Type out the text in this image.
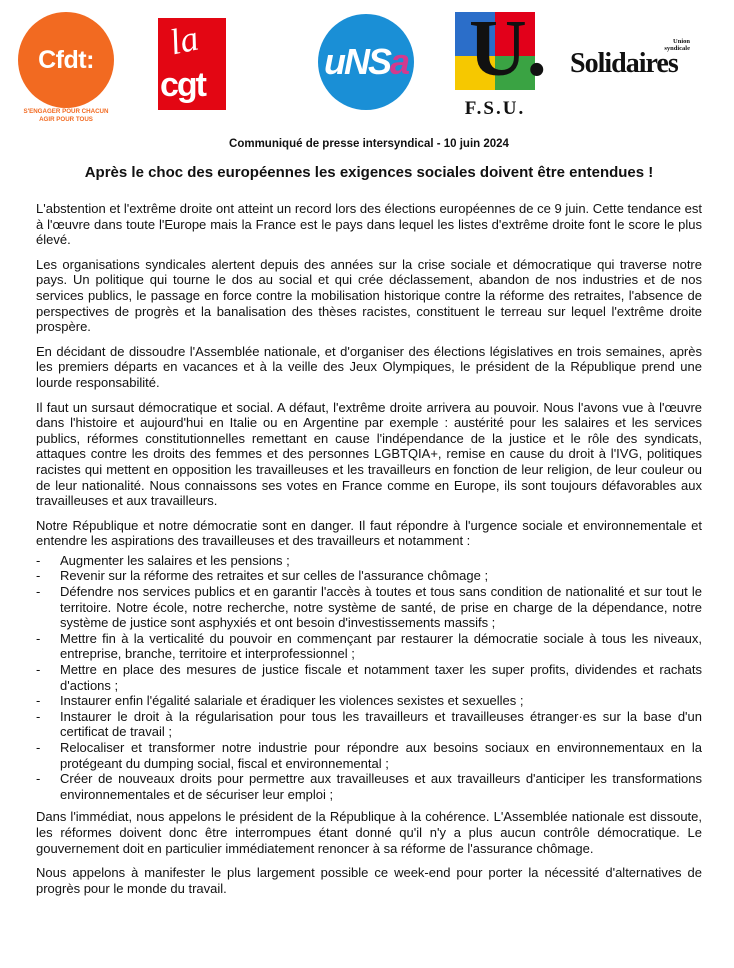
Cfdt:
S'ENGAGER POUR CHACUN
AGIR POUR TOUS
la
cgt
uNSa U.
F.S.U.
Union
syndicale
Solidaires

Communiqué de presse intersyndical - 10 juin 2024

Après le choc des européennes les exigences sociales doivent être entendues !

L'abstention et l'extrême droite ont atteint un record lors des élections européennes de ce 9 juin. Cette tendance est à l'œuvre dans toute l'Europe mais la France est le pays dans lequel les listes d'extrême droite font le score le plus élevé.

Les organisations syndicales alertent depuis des années sur la crise sociale et démocratique qui traverse notre pays. Un politique qui tourne le dos au social et qui crée déclassement, abandon de nos industries et de nos services publics, le passage en force contre la mobilisation historique contre la réforme des retraites, l'absence de perspectives de progrès et la banalisation des thèses racistes, constituent le terreau sur lequel l'extrême droite prospère.

En décidant de dissoudre l'Assemblée nationale, et d'organiser des élections législatives en trois semaines, après les premiers départs en vacances et à la veille des Jeux Olympiques, le président de la République prend une lourde responsabilité.

Il faut un sursaut démocratique et social. A défaut, l'extrême droite arrivera au pouvoir. Nous l'avons vue à l'œuvre dans l'histoire et aujourd'hui en Italie ou en Argentine par exemple : austérité pour les salaires et les services publics, réformes constitutionnelles remettant en cause l'indépendance de la justice et le rôle des syndicats, attaques contre les droits des femmes et des personnes LGBTQIA+, remise en cause du droit à l'IVG, politiques racistes qui mettent en opposition les travailleuses et les travailleurs en fonction de leur religion, de leur couleur ou de leur nationalité. Nous connaissons ses votes en France comme en Europe, ils sont toujours défavorables aux travailleuses et aux travailleurs.

Notre République et notre démocratie sont en danger. Il faut répondre à l'urgence sociale et environnementale et entendre les aspirations des travailleuses et des travailleurs et notamment :

- Augmenter les salaires et les pensions ;
- Revenir sur la réforme des retraites et sur celles de l'assurance chômage ;
- Défendre nos services publics et en garantir l'accès à toutes et tous sans condition de nationalité et sur tout le territoire. Notre école, notre recherche, notre système de santé, de prise en charge de la dépendance, notre système de justice sont asphyxiés et ont besoin d'investissements massifs ;
- Mettre fin à la verticalité du pouvoir en commençant par restaurer la démocratie sociale à tous les niveaux, entreprise, branche, territoire et interprofessionnel ;
- Mettre en place des mesures de justice fiscale et notamment taxer les super profits, dividendes et rachats d'actions ;
- Instaurer enfin l'égalité salariale et éradiquer les violences sexistes et sexuelles ;
- Instaurer le droit à la régularisation pour tous les travailleurs et travailleuses étranger·es sur la base d'un certificat de travail ;
- Relocaliser et transformer notre industrie pour répondre aux besoins sociaux en environnementaux en la protégeant du dumping social, fiscal et environnemental ;
- Créer de nouveaux droits pour permettre aux travailleuses et aux travailleurs d'anticiper les transformations environnementales et de sécuriser leur emploi ;

Dans l'immédiat, nous appelons le président de la République à la cohérence. L'Assemblée nationale est dissoute, les réformes doivent donc être interrompues étant donné qu'il n'y a plus aucun contrôle démocratique. Le gouvernement doit en particulier immédiatement renoncer à sa réforme de l'assurance chômage.

Nous appelons à manifester le plus largement possible ce week-end pour porter la nécessité d'alternatives de progrès pour le monde du travail.
